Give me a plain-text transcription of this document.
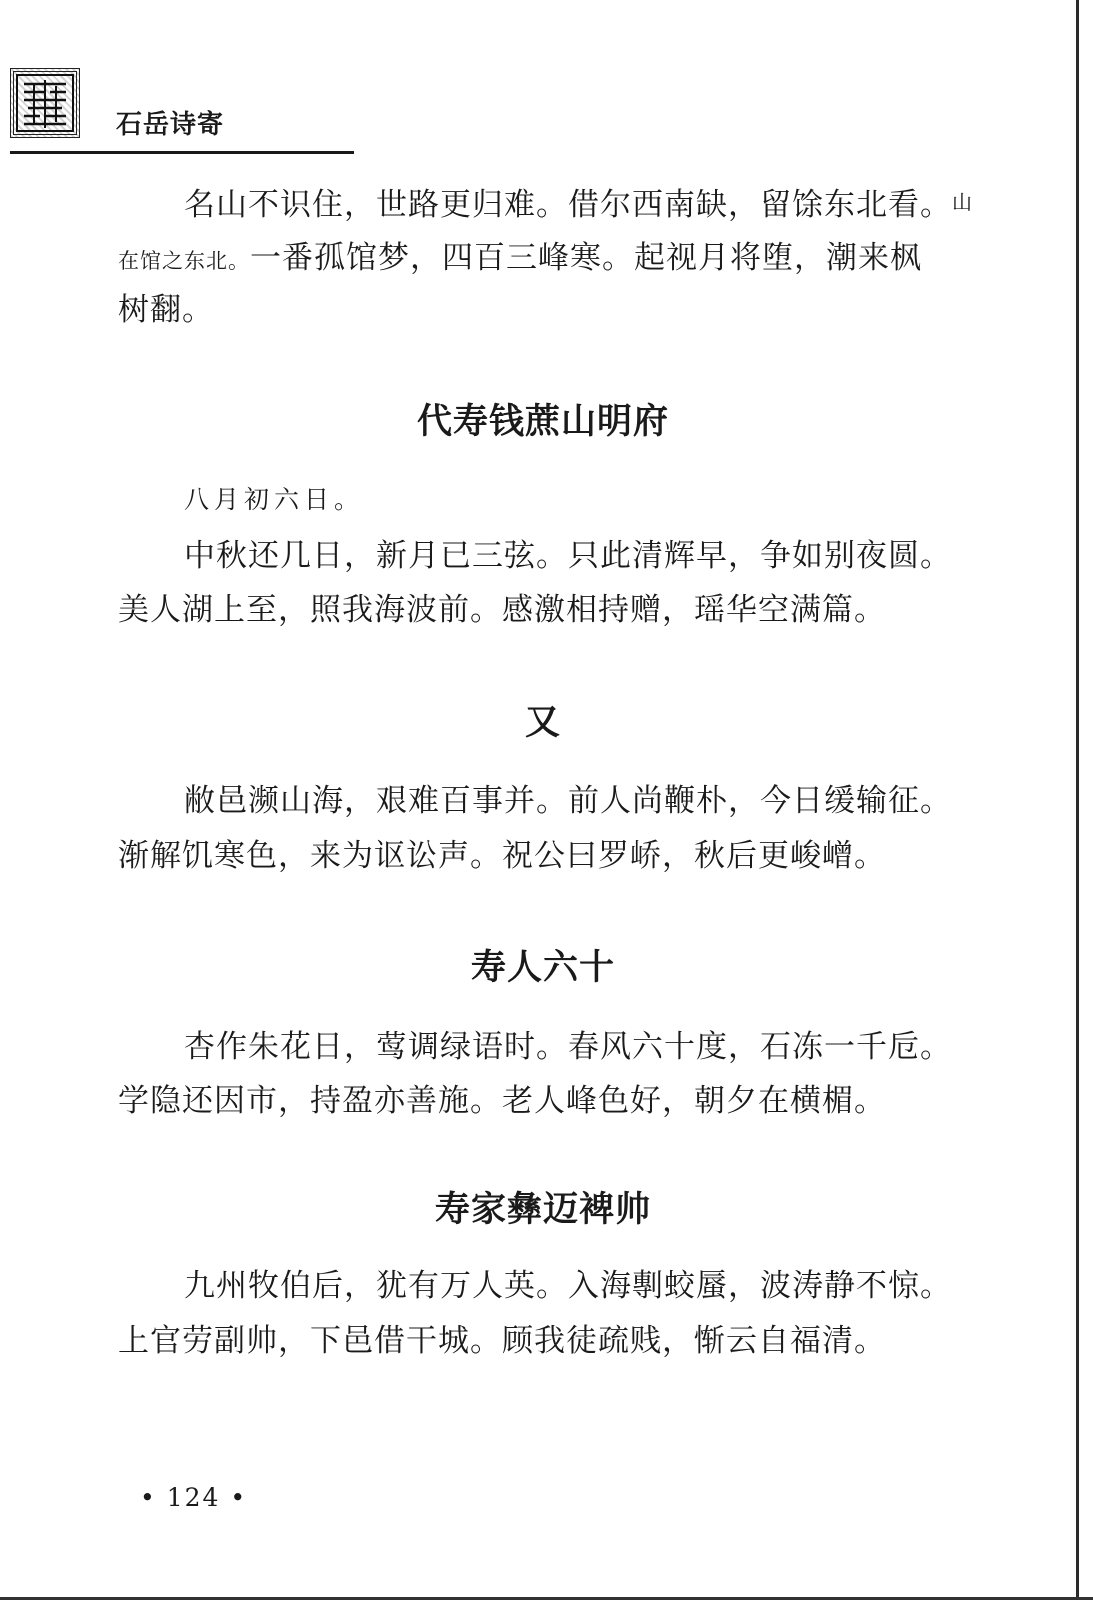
石岳诗寄
名山不识住，世路更归难。借尔西南缺，留馀东北看。山
在馆之东北。一番孤馆梦，四百三峰寒。起视月将堕，潮来枫
树翻。
代寿钱蔗山明府
八月初六日。
中秋还几日，新月已三弦。只此清辉早，争如别夜圆。
美人湖上至，照我海波前。感激相持赠，瑶华空满篇。
又
敝邑濒山海，艰难百事并。前人尚鞭朴，今日缓输征。
渐解饥寒色，来为讴讼声。祝公曰罗峤，秋后更峻嶒。
寿人六十
杏作朱花日，莺调绿语时。春风六十度，石冻一千卮。
学隐还因市，持盈亦善施。老人峰色好，朝夕在横楣。
寿家彝迈裨帅
九州牧伯后，犹有万人英。入海剸蛟蜃，波涛静不惊。
上官劳副帅，下邑借干城。顾我徒疏贱，惭云自福清。
• 124 •
